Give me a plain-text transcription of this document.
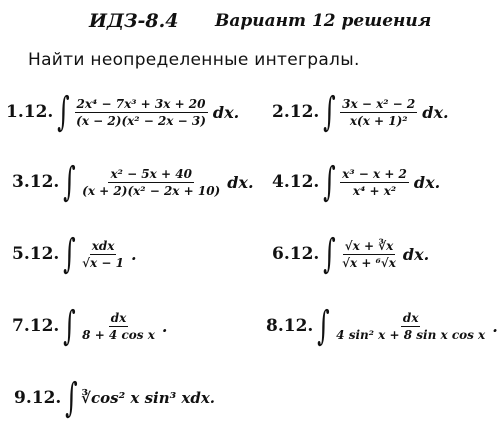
ИДЗ-8.4 Вариант 12 решения
Найти неопределенные интегралы.
1.12. ∫ $\frac{\text{2x⁴ − 7x³ + 3x + 20}}{\text{(x − 2)(x² − 2x − 3)}}$ dx. 2.12. ∫ $\frac{\text{3x − x² − 2}}{\text{x(x + 1)²}}$ dx.
3.12. ∫ $\frac{\text{x² − 5x + 40}}{\text{(x + 2)(x² − 2x + 10)}}$ dx. 4.12. ∫ $\frac{\text{x³ − x + 2}}{\text{x⁴ + x²}}$ dx.
5.12. ∫ $\frac{\text{xdx}}{√x - 1}$ .	6.12. ∫ $\frac{√x + ∛x}{\text{√x + ⁶√x}}$ dx.
7.12. ∫ $\frac{dx}{\text{8 + 4 cos x}}$ .	8.12. ∫ $\frac{dx}{\text{4 sin² x + 8 sin x cos x}}$ .
9.12. ∫ ∛cos² x sin³ xdx.
